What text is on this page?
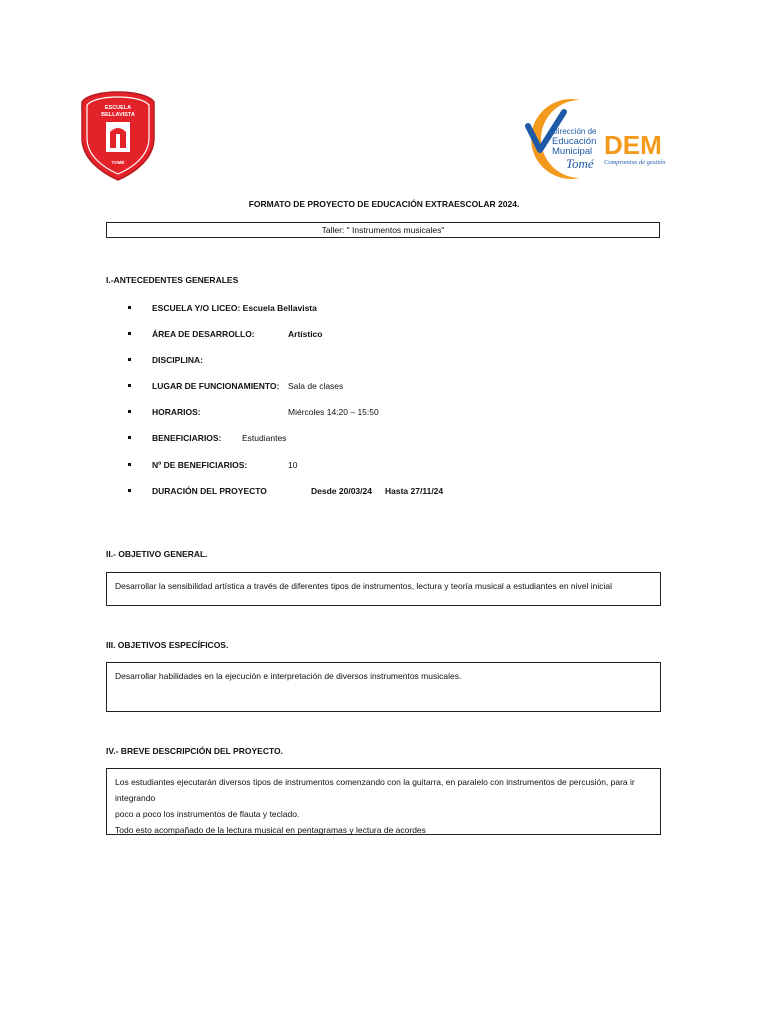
ESCUELA
BELLAVISTA
TOMÉ
Dirección de
Educación
Municipal
Tomé
DEM
Compromiso de gestión
FORMATO DE PROYECTO DE EDUCACIÓN EXTRAESCOLAR 2024.
Taller: " Instrumentos musicales"
I.-ANTECEDENTES GENERALES
ESCUELA Y/O LICEO: Escuela Bellavista
ÁREA DE DESARROLLO:	Artístico
DISCIPLINA:
LUGAR DE FUNCIONAMIENTO: Sala de clases
HORARIOS:	Miércoles 14:20 – 15:50
BENEFICIARIOS: Estudiantes
Nº DE BENEFICIARIOS:	10
DURACIÓN DEL PROYECTO	Desde 20/03/24 Hasta 27/11/24
II.- OBJETIVO GENERAL.

Desarrollar la sensibilidad artística a través de diferentes tipos de instrumentos, lectura y teoría musical a estudiantes en nivel inicial

III. OBJETIVOS ESPECÍFICOS.

Desarrollar habilidades en la ejecución e interpretación de diversos instrumentos musicales.

IV.- BREVE DESCRIPCIÓN DEL PROYECTO.

Los estudiantes ejecutarán diversos tipos de instrumentos comenzando con la guitarra, en paralelo con instrumentos de percusión, para ir integrando

poco a poco los instrumentos de flauta y teclado.

Todo esto acompañado de la lectura musical en pentagramas y lectura de acordes
